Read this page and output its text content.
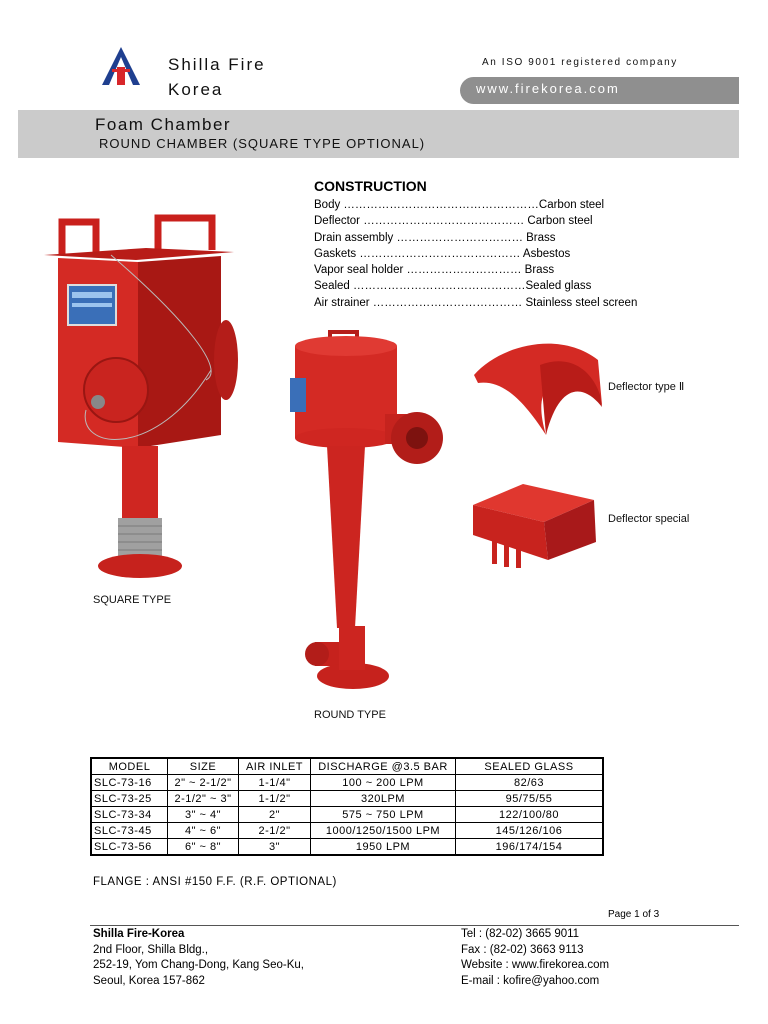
Shilla Fire
Korea
An ISO 9001 registered company
www.firekorea.com
Foam Chamber
ROUND CHAMBER (SQUARE TYPE OPTIONAL)
CONSTRUCTION
Body ……………………………………………Carbon steel
Deflector …………………………………… Carbon steel
Drain assembly …………………………… Brass
Gaskets …………………………………… Asbestos
Vapor seal holder ………………………… Brass
Sealed ………………………………………Sealed glass
Air strainer ………………………………… Stainless steel screen
SQUARE TYPE
ROUND TYPE
Deflector type Ⅱ
Deflector special
MODEL	SIZE	AIR INLET	DISCHARGE @3.5 BAR	SEALED GLASS
SLC-73-16	2" ~ 2-1/2"	1-1/4"	100 ~ 200 LPM	82/63
SLC-73-25	2-1/2" ~ 3"	1-1/2"	320LPM	95/75/55
SLC-73-34	3" ~ 4"	2"	575 ~ 750 LPM	122/100/80
SLC-73-45	4" ~ 6"	2-1/2"	1000/1250/1500 LPM	145/126/106
SLC-73-56	6" ~ 8"	3"	1950 LPM	196/174/154
FLANGE : ANSI #150 F.F. (R.F. OPTIONAL)
Page 1 of 3
Shilla Fire-Korea
2nd Floor, Shilla Bldg.,
252-19, Yom Chang-Dong, Kang Seo-Ku,
Seoul, Korea 157-862
Tel : (82-02) 3665 9011
Fax : (82-02) 3663 9113
Website : www.firekorea.com
E-mail : kofire@yahoo.com
